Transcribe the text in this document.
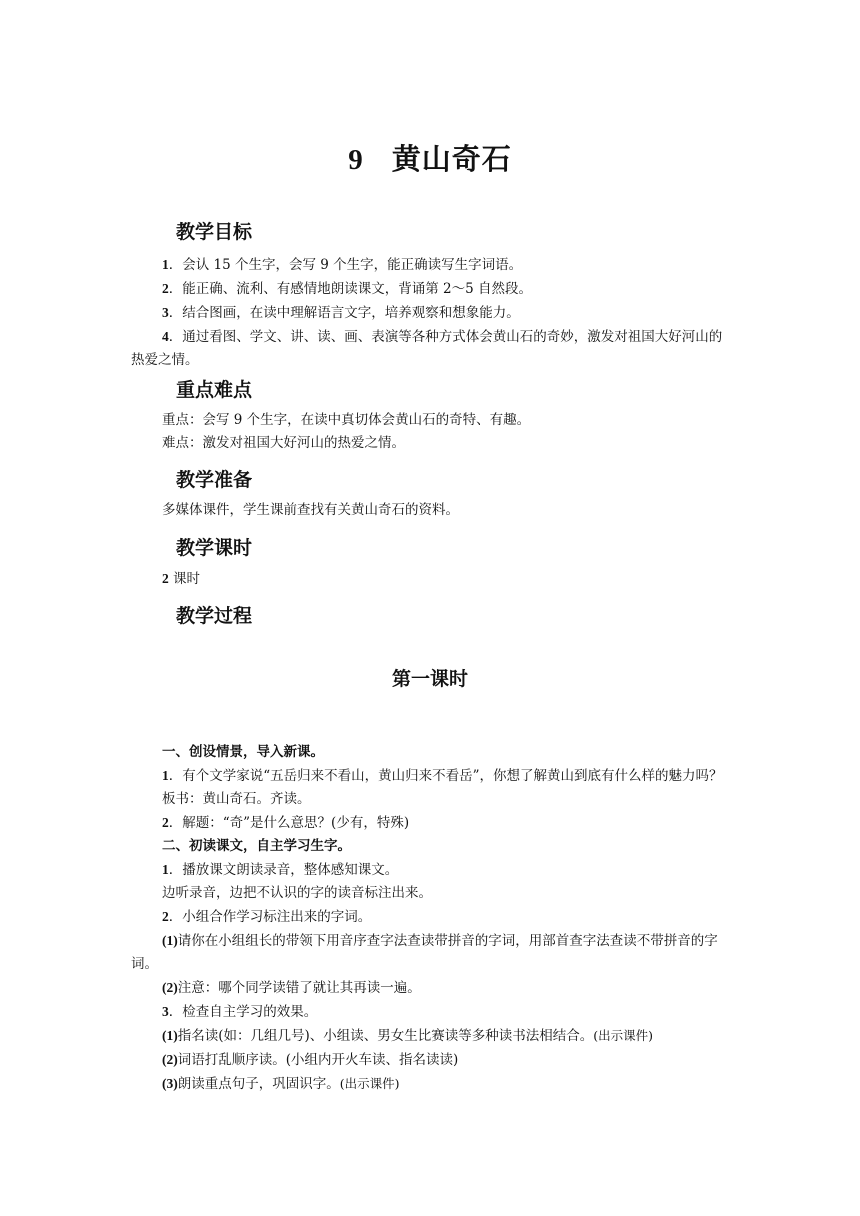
9 黄山奇石
教学目标

1．会认 15 个生字，会写 9 个生字，能正确读写生字词语。

2．能正确、流利、有感情地朗读课文，背诵第 2～5 自然段。

3．结合图画，在读中理解语言文字，培养观察和想象能力。

4．通过看图、学文、讲、读、画、表演等各种方式体会黄山石的奇妙，激发对祖国大好河山的热爱之情。

重点难点

重点：会写 9 个生字，在读中真切体会黄山石的奇特、有趣。

难点：激发对祖国大好河山的热爱之情。

教学准备

多媒体课件，学生课前查找有关黄山奇石的资料。

教学课时

2 课时

教学过程
第一课时

一、创设情景，导入新课。

1．有个文学家说“五岳归来不看山，黄山归来不看岳”，你想了解黄山到底有什么样的魅力吗？

板书：黄山奇石。齐读。

2．解题：“奇”是什么意思？(少有，特殊)

二、初读课文，自主学习生字。

1．播放课文朗读录音，整体感知课文。

边听录音，边把不认识的字的读音标注出来。

2．小组合作学习标注出来的字词。

(1)请你在小组组长的带领下用音序查字法查读带拼音的字词，用部首查字法查读不带拼音的字词。

(2)注意：哪个同学读错了就让其再读一遍。

3．检查自主学习的效果。

(1)指名读(如：几组几号)、小组读、男女生比赛读等多种读书法相结合。(出示课件)

(2)词语打乱顺序读。(小组内开火车读、指名读读)

(3)朗读重点句子，巩固识字。(出示课件)
